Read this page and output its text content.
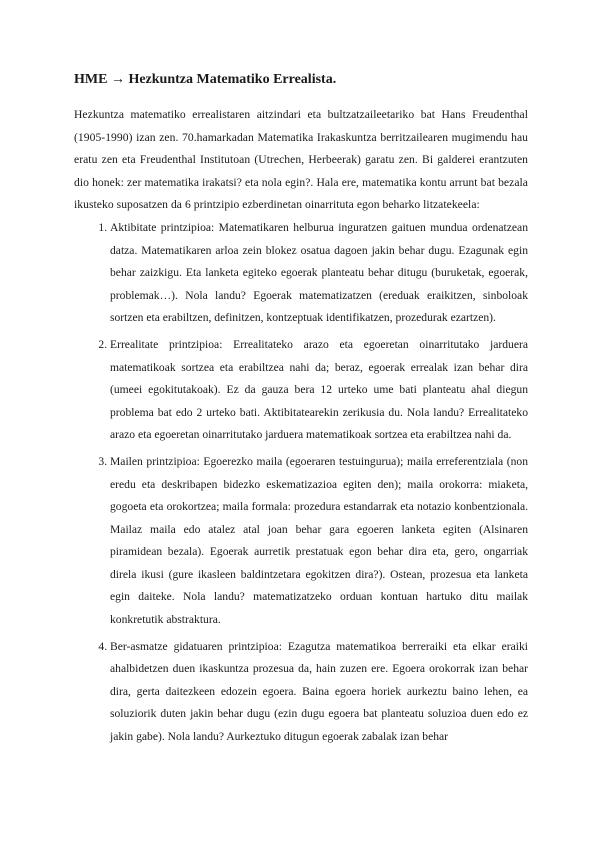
HME → Hezkuntza Matematiko Errealista.

Hezkuntza matematiko errealistaren aitzindari eta bultzatzaileetariko bat Hans Freudenthal (1905-1990) izan zen. 70.hamarkadan Matematika Irakaskuntza berritzailearen mugimendu hau eratu zen eta Freudenthal Institutoan (Utrechen, Herbeerak) garatu zen. Bi galderei erantzuten dio honek: zer matematika irakatsi? eta nola egin?. Hala ere, matematika kontu arrunt bat bezala ikusteko suposatzen da 6 printzipio ezberdinetan oinarrituta egon beharko litzatekeela:

1. Aktibitate printzipioa: Matematikaren helburua inguratzen gaituen mundua ordenatzean datza. Matematikaren arloa zein blokez osatua dagoen jakin behar dugu. Ezagunak egin behar zaizkigu. Eta lanketa egiteko egoerak planteatu behar ditugu (buruketak, egoerak, problemak…). Nola landu? Egoerak matematizatzen (ereduak eraikitzen, sinboloak sortzen eta erabiltzen, definitzen, kontzeptuak identifikatzen, prozedurak ezartzen).
2. Errealitate printzipioa: Errealitateko arazo eta egoeretan oinarritutako jarduera matematikoak sortzea eta erabiltzea nahi da; beraz, egoerak errealak izan behar dira (umeei egokitutakoak). Ez da gauza bera 12 urteko ume bati planteatu ahal diegun problema bat edo 2 urteko bati. Aktibitatearekin zerikusia du. Nola landu? Errealitateko arazo eta egoeretan oinarritutako jarduera matematikoak sortzea eta erabiltzea nahi da.
3. Mailen printzipioa: Egoerezko maila (egoeraren testuingurua); maila erreferentziala (non eredu eta deskribapen bidezko eskematizazioa egiten den); maila orokorra: miaketa, gogoeta eta orokortzea; maila formala: prozedura estandarrak eta notazio konbentzionala. Mailaz maila edo atalez atal joan behar gara egoeren lanketa egiten (Alsinaren piramidean bezala). Egoerak aurretik prestatuak egon behar dira eta, gero, ongarriak direla ikusi (gure ikasleen baldintzetara egokitzen dira?). Ostean, prozesua eta lanketa egin daiteke. Nola landu? matematizatzeko orduan kontuan hartuko ditu mailak konkretutik abstraktura.
4. Ber-asmatze gidatuaren printzipioa: Ezagutza matematikoa berreraiki eta elkar eraiki ahalbidetzen duen ikaskuntza prozesua da, hain zuzen ere. Egoera orokorrak izan behar dira, gerta daitezkeen edozein egoera. Baina egoera horiek aurkeztu baino lehen, ea soluziorik duten jakin behar dugu (ezin dugu egoera bat planteatu soluzioa duen edo ez jakin gabe). Nola landu? Aurkeztuko ditugun egoerak zabalak izan behar
